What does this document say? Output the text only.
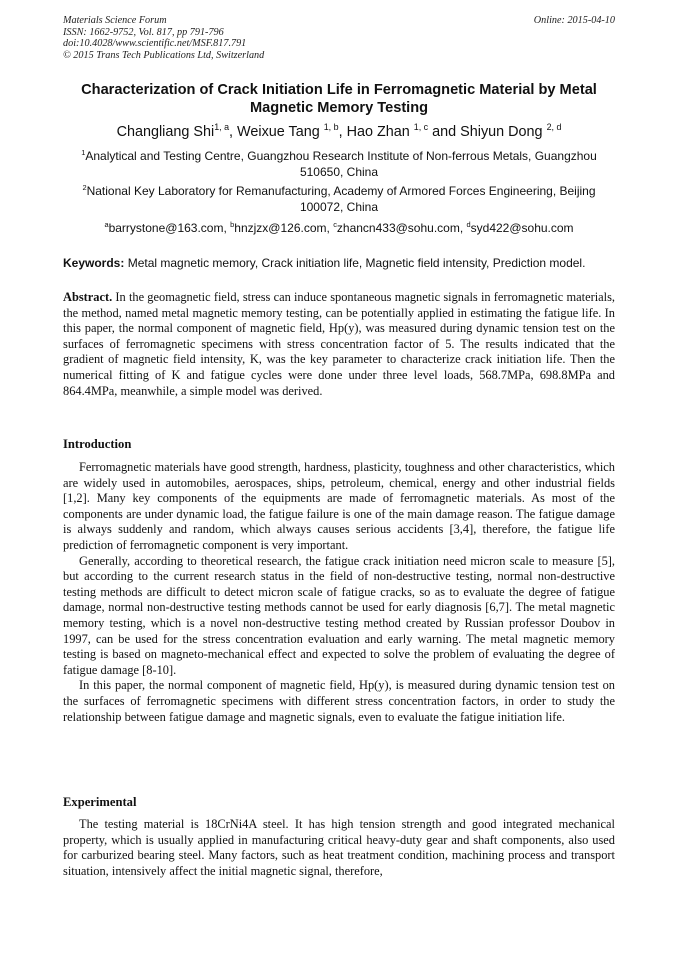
Materials Science Forum
ISSN: 1662-9752, Vol. 817, pp 791-796
doi:10.4028/www.scientific.net/MSF.817.791
© 2015 Trans Tech Publications Ltd, Switzerland
Online: 2015-04-10
Characterization of Crack Initiation Life in Ferromagnetic Material by Metal Magnetic Memory Testing
Changliang Shi$^{1, a}$, Weixue Tang $^{1, b}$, Hao Zhan $^{1, c}$ and Shiyun Dong $^{2, d}$
$^1$Analytical and Testing Centre, Guangzhou Research Institute of Non-ferrous Metals, Guangzhou 510650, China
$^2$National Key Laboratory for Remanufacturing, Academy of Armored Forces Engineering, Beijing 100072, China
$^a$barrystone@163.com, $^b$hnzjzx@126.com, $^c$zhancn433@sohu.com, $^d$syd422@sohu.com
Keywords: Metal magnetic memory, Crack initiation life, Magnetic field intensity, Prediction model.

Abstract. In the geomagnetic field, stress can induce spontaneous magnetic signals in ferromagnetic materials, the method, named metal magnetic memory testing, can be potentially applied in estimating the fatigue life. In this paper, the normal component of magnetic field, Hp(y), was measured during dynamic tension test on the surfaces of ferromagnetic specimens with stress concentration factor of 5. The results indicated that the gradient of magnetic field intensity, K, was the key parameter to characterize crack initiation life. Then the numerical fitting of K and fatigue cycles were done under three level loads, 568.7MPa, 698.8MPa and 864.4MPa, meanwhile, a simple model was derived.

Introduction

Ferromagnetic materials have good strength, hardness, plasticity, toughness and other characteristics, which are widely used in automobiles, aerospaces, ships, petroleum, chemical, energy and other industrial fields [1,2]. Many key components of the equipments are made of ferromagnetic materials. As most of the components are under dynamic load, the fatigue failure is one of the main damage reason. The fatigue damage is always suddenly and random, which always causes serious accidents [3,4], therefore, the fatigue life prediction of ferromagnetic component is very important.

Generally, according to theoretical research, the fatigue crack initiation need micron scale to measure [5], but according to the current research status in the field of non-destructive testing, normal non-destructive testing methods are difficult to detect micron scale of fatigue cracks, so as to evaluate the degree of fatigue damage, normal non-destructive testing methods cannot be used for early diagnosis [6,7]. The metal magnetic memory testing, which is a novel non-destructive testing method created by Russian professor Doubov in 1997, can be used for the stress concentration evaluation and early warning. The metal magnetic memory testing is based on magneto-mechanical effect and expected to solve the problem of evaluating the degree of fatigue damage [8-10].

In this paper, the normal component of magnetic field, Hp(y), is measured during dynamic tension test on the surfaces of ferromagnetic specimens with different stress concentration factors, in order to study the relationship between fatigue damage and magnetic signals, even to evaluate the fatigue initiation life.

Experimental

The testing material is 18CrNi4A steel. It has high tension strength and good integrated mechanical property, which is usually applied in manufacturing critical heavy-duty gear and shaft components, also used for carburized bearing steel. Many factors, such as heat treatment condition, machining process and transport situation, intensively affect the initial magnetic signal, therefore,
